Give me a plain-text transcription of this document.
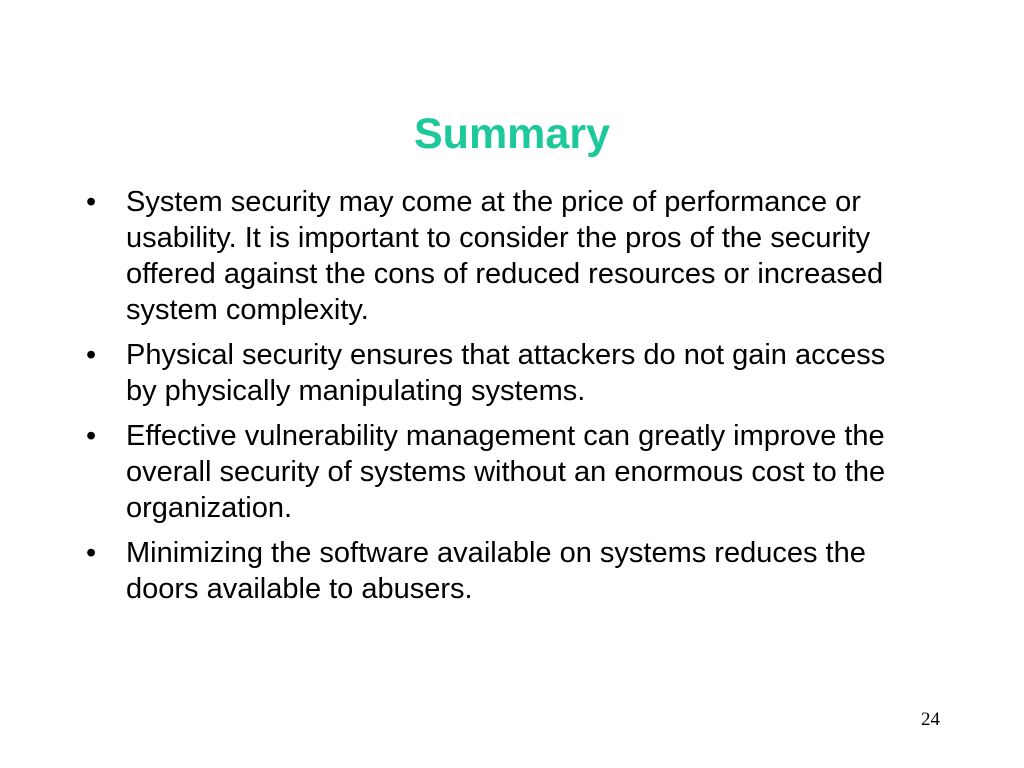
Summary
•	System security may come at the price of performance or usability. It is important to consider the pros of the security offered against the cons of reduced resources or increased system complexity.
•	Physical security ensures that attackers do not gain access by physically manipulating systems.
•	Effective vulnerability management can greatly improve the overall security of systems without an enormous cost to the organization.
•	Minimizing the software available on systems reduces the doors available to abusers.
24
